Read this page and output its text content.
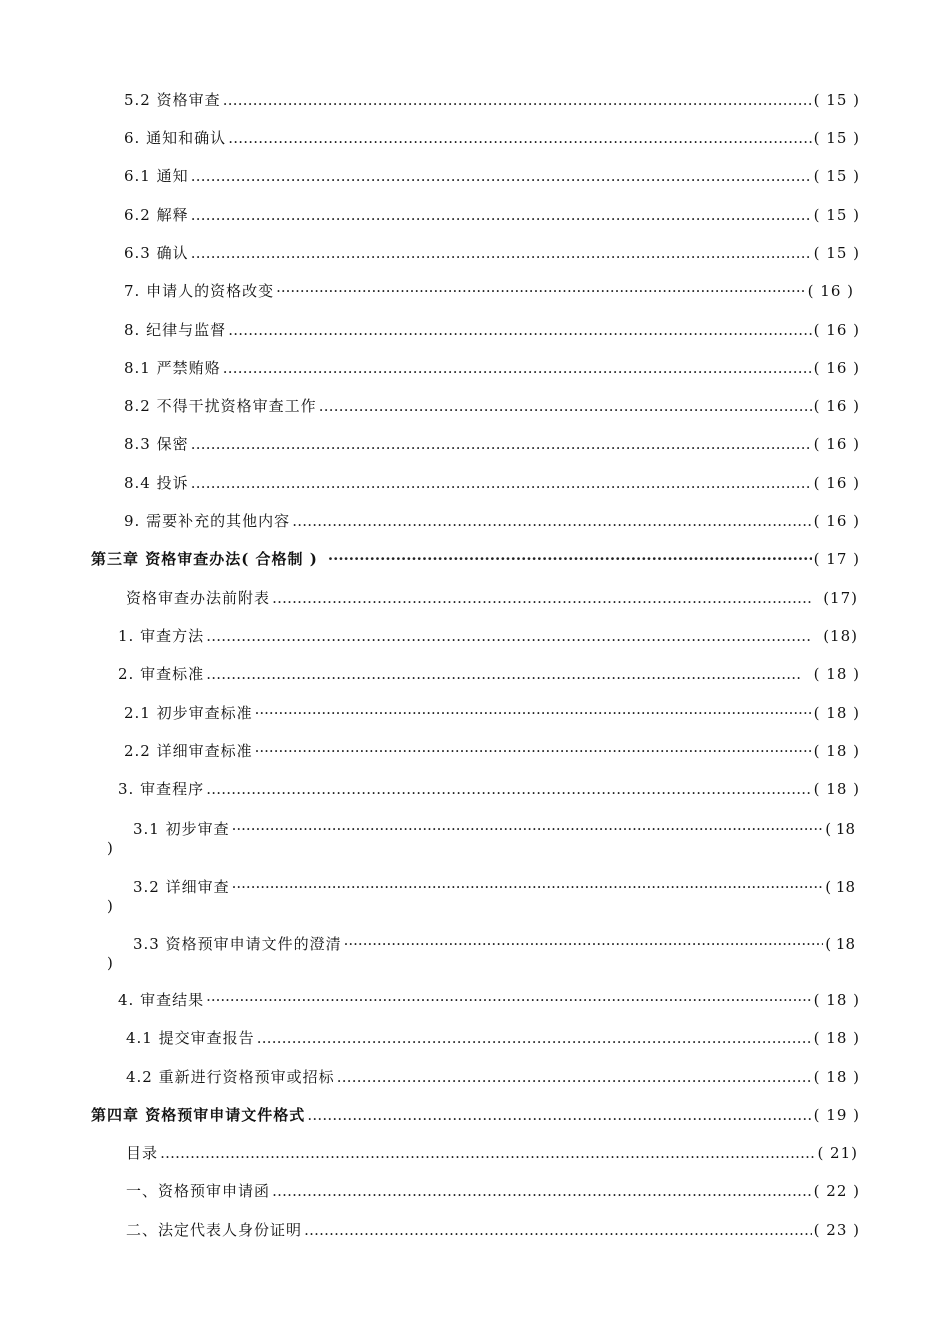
5.2 资格审查 ……………………………………………………………………………………………………………………………………………………………………………………………………………………………………	( 15 )
6. 通知和确认 ……………………………………………………………………………………………………………………………………………………………………………………………………………………………………	( 15 )
6.1 通知 ……………………………………………………………………………………………………………………………………………………………………………………………………………………………………	( 15 )
6.2 解释 ……………………………………………………………………………………………………………………………………………………………………………………………………………………………………	( 15 )
6.3 确认 ……………………………………………………………………………………………………………………………………………………………………………………………………………………………………	( 15 )
7. 申请人的资格改变 ·····	( 16 )
8. 纪律与监督 ……………………………………………………………………………………………………………………………………………………………………………………………………………………………………	( 16 )
8.1 严禁贿赂 ……………………………………………………………………………………………………………………………………………………………………………………………………………………………………	( 16 )
8.2 不得干扰资格审查工作 ……………………………………………………………………………………………………………………………………………………………………………………………………………………………………	( 16 )
8.3 保密 ……………………………………………………………………………………………………………………………………………………………………………………………………………………………………	( 16 )
8.4 投诉 ……………………………………………………………………………………………………………………………………………………………………………………………………………………………………	( 16 )
9. 需要补充的其他内容 ……………………………………………………………………………………………………………………………………………………………………………………………………………………………………	( 16 )
第三章 资格审查办法( 合格制 ) ·····	( 17 )
资格审查办法前附表 ……………………………………………………………………………………………………………………………………………………………………………………………………………………………………	(17)
1. 审查方法 ……………………………………………………………………………………………………………………………………………………………………………………………………………………………………	(18)
2. 审查标准 ……………………………………………………………………………………………………………………………………………………………………………………………………………………………………	( 18 )
2.1 初步审查标准 ·····	( 18 )
2.2 详细审查标准 ·····	( 18 )
3. 审查程序 ……………………………………………………………………………………………………………………………………………………………………………………………………………………………………	( 18 )
3.1 初步审查 ·····	( 18
)
3.2 详细审查 ·····	( 18
)
3.3 资格预审申请文件的澄清 ·····	( 18
)
4. 审查结果 ·····	( 18 )
4.1 提交审查报告 ……………………………………………………………………………………………………………………………………………………………………………………………………………………………………	( 18 )
4.2 重新进行资格预审或招标 ……………………………………………………………………………………………………………………………………………………………………………………………………………………………………	( 18 )
第四章 资格预审申请文件格式 ……………………………………………………………………………………………………………………………………………………………………………………………………………………………………	( 19 )
目录 ……………………………………………………………………………………………………………………………………………………………………………………………………………………………………	( 21)
一、资格预审申请函 ……………………………………………………………………………………………………………………………………………………………………………………………………………………………………	( 22 )
二、法定代表人身份证明 ……………………………………………………………………………………………………………………………………………………………………………………………………………………………………	( 23 )
